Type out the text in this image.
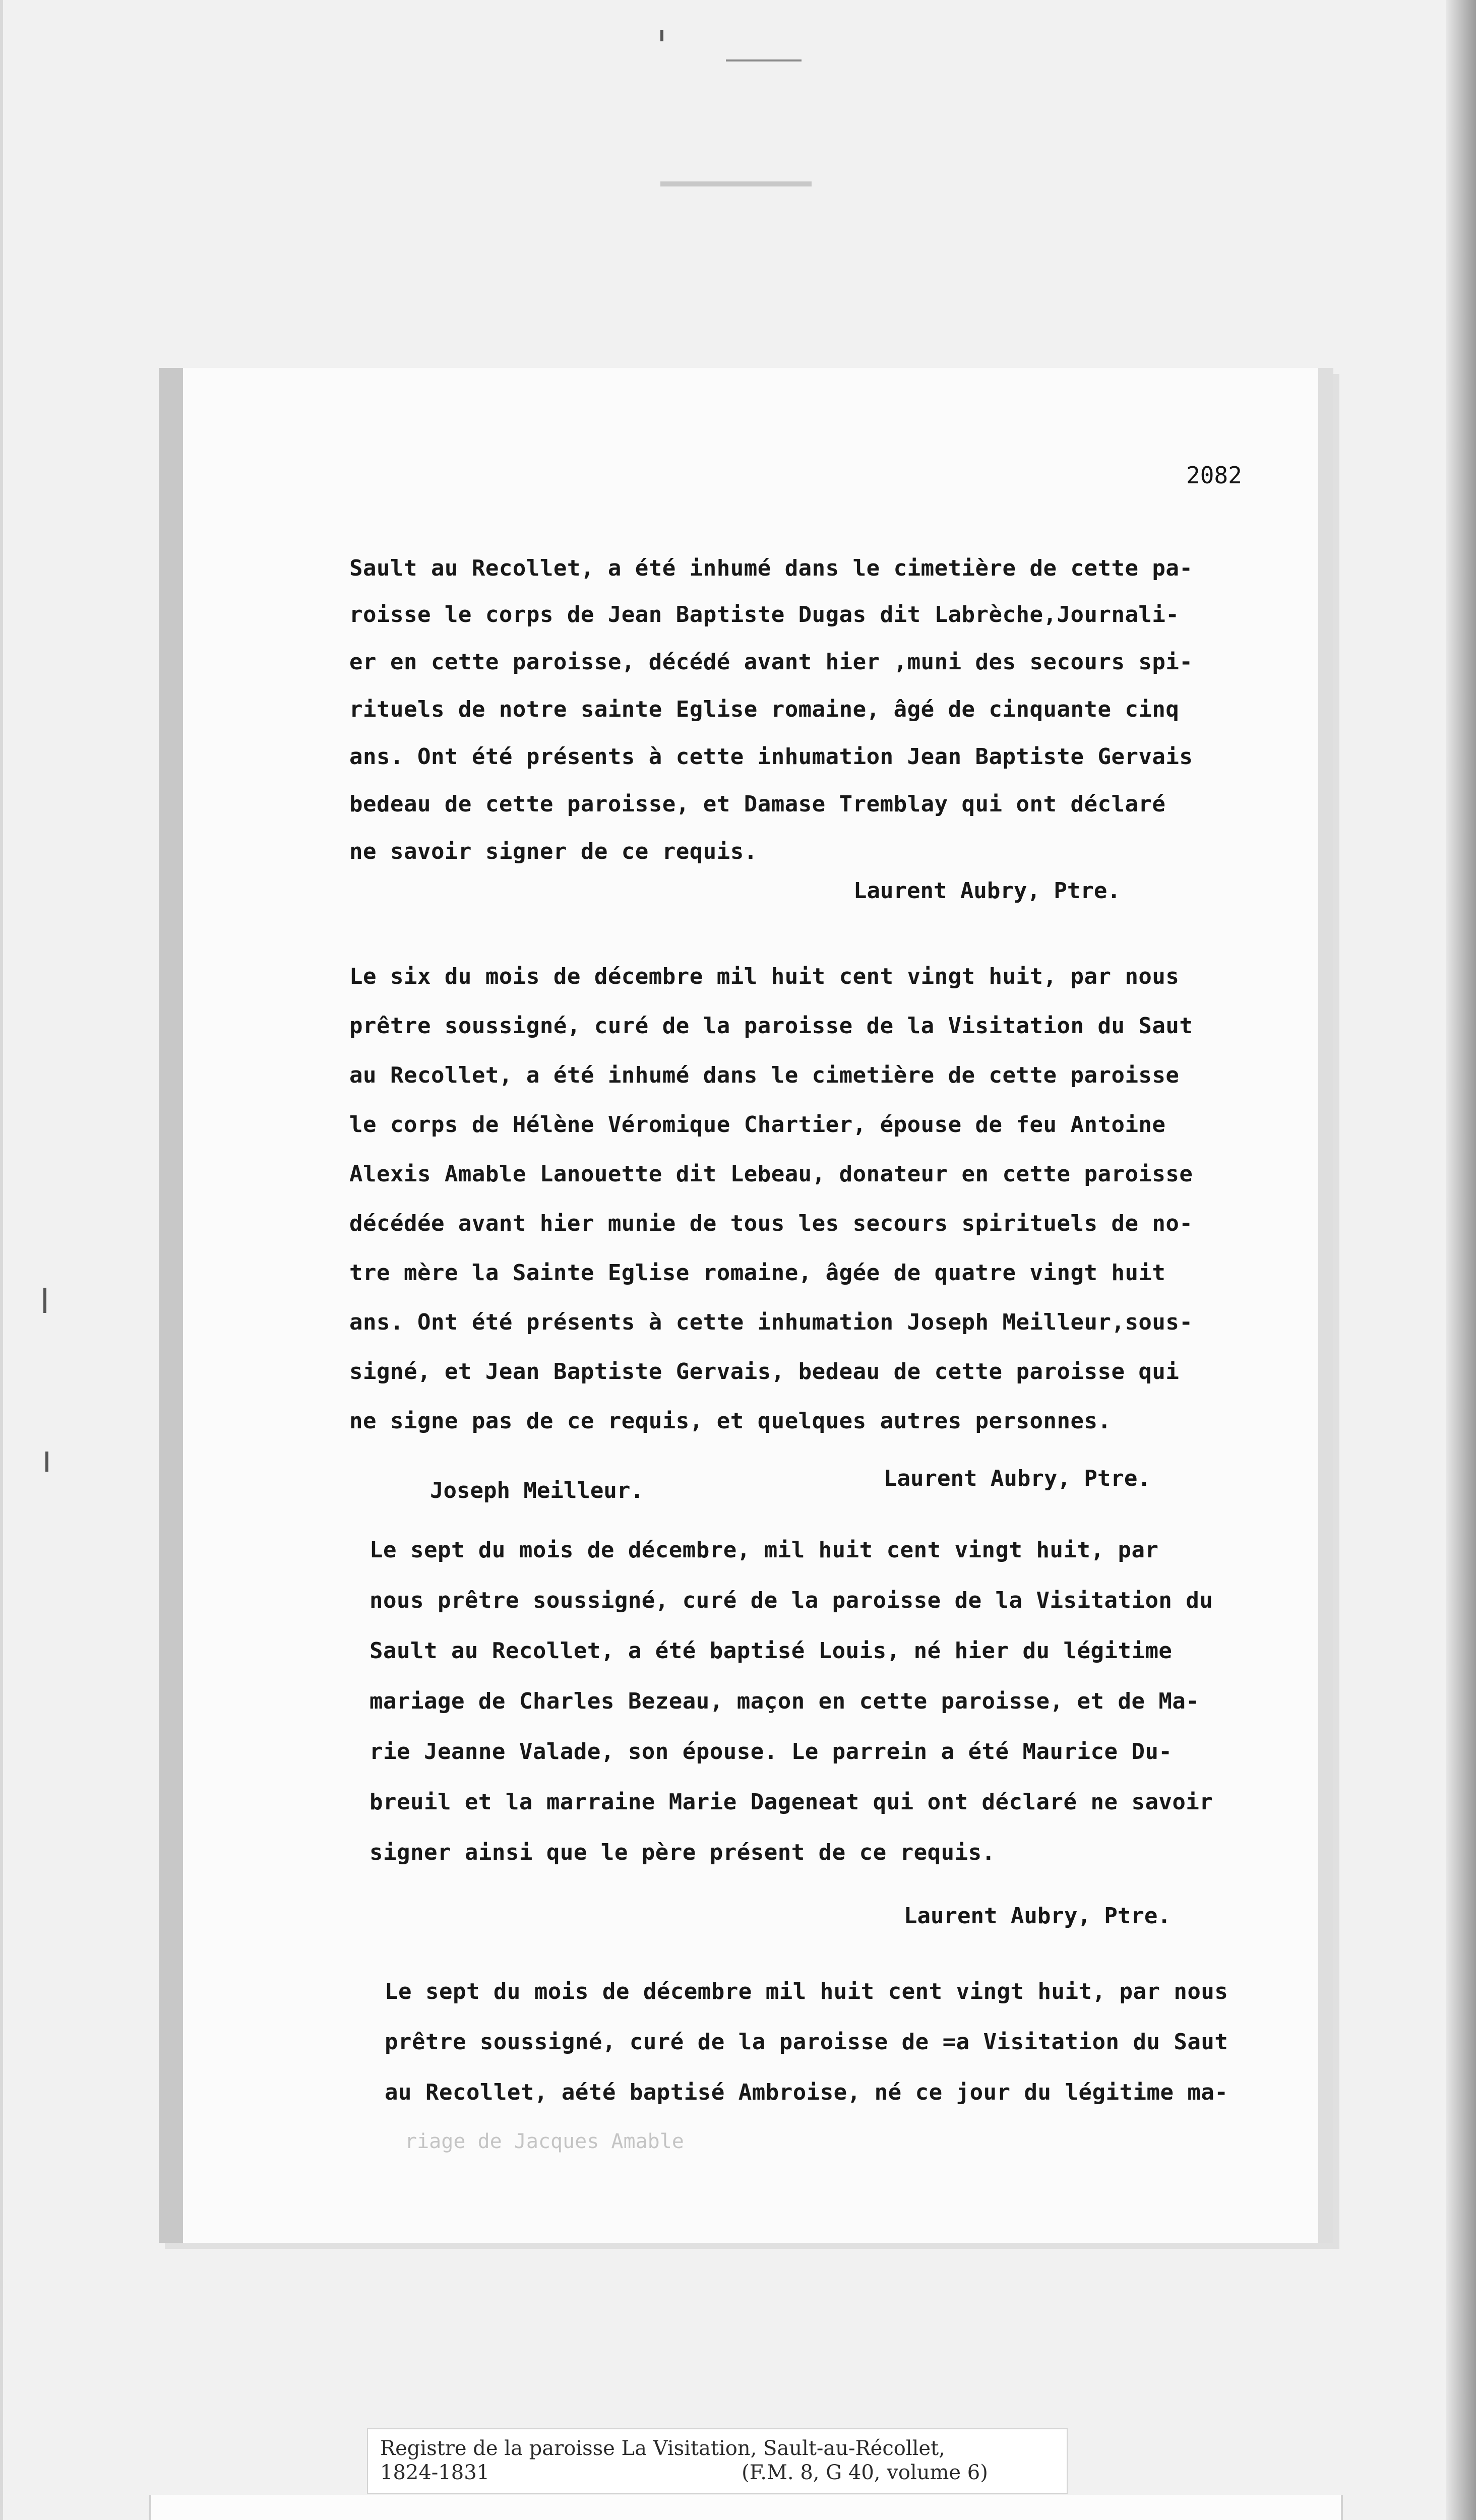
2082
Sault au Recollet, a été inhumé dans le cimetière de cette pa-
roisse le corps de Jean Baptiste Dugas dit Labrèche,Journali-
er en cette paroisse, décédé avant hier ,muni des secours spi-
rituels de notre sainte Eglise romaine, âgé de cinquante cinq
ans. Ont été présents à cette inhumation Jean Baptiste Gervais
bedeau de cette paroisse, et Damase Tremblay qui ont déclaré
ne savoir signer de ce requis.
Laurent Aubry, Ptre.
Le six du mois de décembre mil huit cent vingt huit, par nous
prêtre soussigné, curé de la paroisse de la Visitation du Saut
au Recollet, a été inhumé dans le cimetière de cette paroisse
le corps de Hélène Véromique Chartier, épouse de feu Antoine
Alexis Amable Lanouette dit Lebeau, donateur en cette paroisse
décédée avant hier munie de tous les secours spirituels de no-
tre mère la Sainte Eglise romaine, âgée de quatre vingt huit
ans. Ont été présents à cette inhumation Joseph Meilleur,sous-
signé, et Jean Baptiste Gervais, bedeau de cette paroisse qui
ne signe pas de ce requis, et quelques autres personnes.
Joseph Meilleur.	Laurent Aubry, Ptre.
Le sept du mois de décembre, mil huit cent vingt huit, par
nous prêtre soussigné, curé de la paroisse de la Visitation du
Sault au Recollet, a été baptisé Louis, né hier du légitime
mariage de Charles Bezeau, maçon en cette paroisse, et de Ma-
rie Jeanne Valade, son épouse. Le parrein a été Maurice Du-
breuil et la marraine Marie Dageneat qui ont déclaré ne savoir
signer ainsi que le père présent de ce requis.
Laurent Aubry, Ptre.
Le sept du mois de décembre mil huit cent vingt huit, par nous
prêtre soussigné, curé de la paroisse de =a Visitation du Saut
au Recollet, aété baptisé Ambroise, né ce jour du légitime ma-
riage de Jacques Amable
Registre de la paroisse La Visitation, Sault-au-Récollet,
1824-1831	(F.M. 8, G 40, volume 6)
